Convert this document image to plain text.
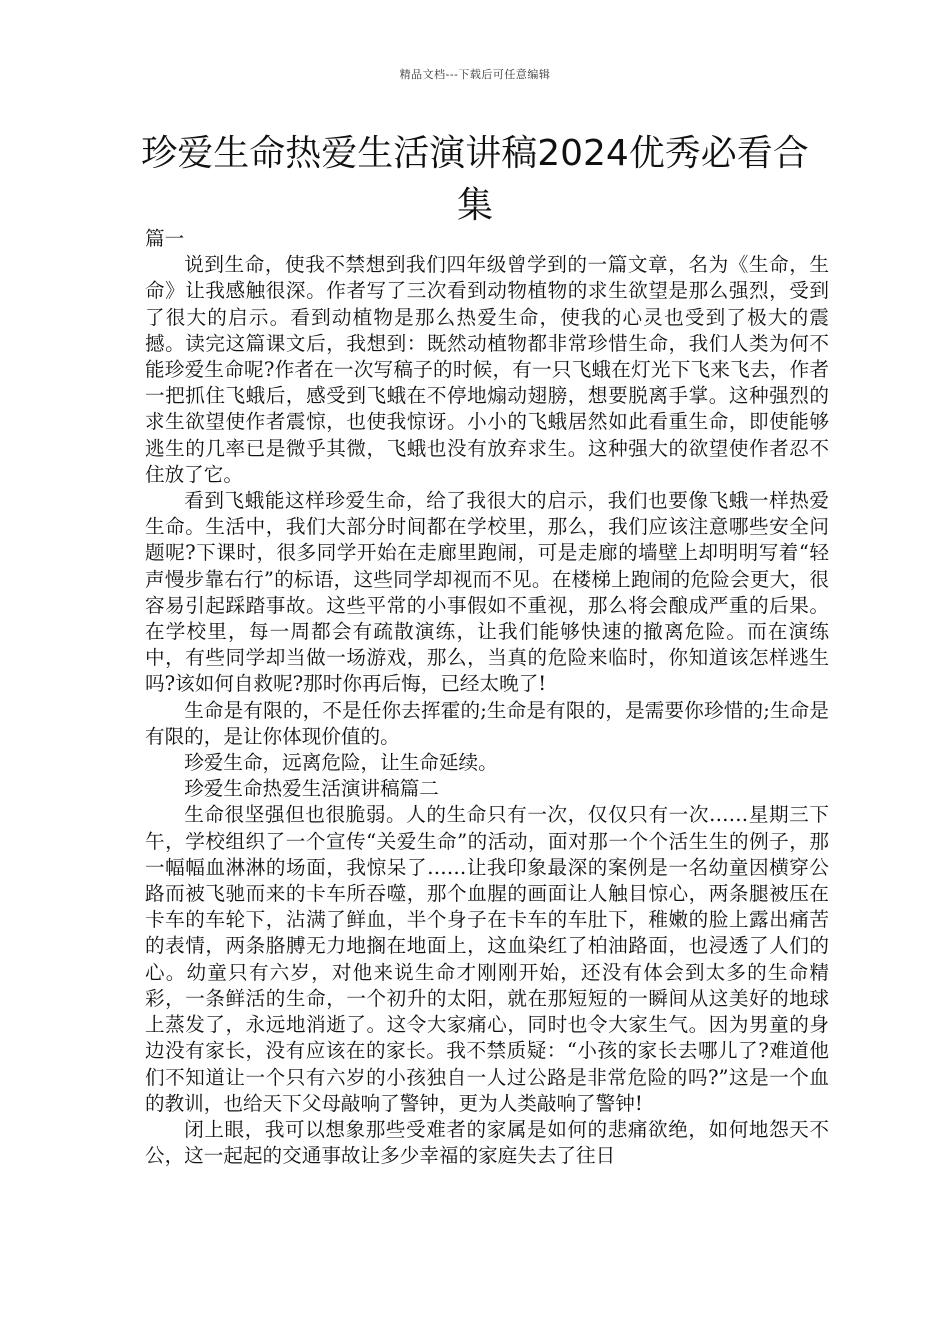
精品文档---下载后可任意编辑
珍爱生命热爱生活演讲稿2024优秀必看合集

篇一

说到生命，使我不禁想到我们四年级曾学到的一篇文章，名为《生命，生命》让我感触很深。作者写了三次看到动物植物的求生欲望是那么强烈，受到了很大的启示。看到动植物是那么热爱生命，使我的心灵也受到了极大的震撼。读完这篇课文后，我想到：既然动植物都非常珍惜生命，我们人类为何不能珍爱生命呢?作者在一次写稿子的时候，有一只飞蛾在灯光下飞来飞去，作者一把抓住飞蛾后，感受到飞蛾在不停地煽动翅膀，想要脱离手掌。这种强烈的求生欲望使作者震惊，也使我惊讶。小小的飞蛾居然如此看重生命，即使能够逃生的几率已是微乎其微，飞蛾也没有放弃求生。这种强大的欲望使作者忍不住放了它。

看到飞蛾能这样珍爱生命，给了我很大的启示，我们也要像飞蛾一样热爱生命。生活中，我们大部分时间都在学校里，那么，我们应该注意哪些安全问题呢?下课时，很多同学开始在走廊里跑闹，可是走廊的墙壁上却明明写着“轻声慢步靠右行”的标语，这些同学却视而不见。在楼梯上跑闹的危险会更大，很容易引起踩踏事故。这些平常的小事假如不重视，那么将会酿成严重的后果。在学校里，每一周都会有疏散演练，让我们能够快速的撤离危险。而在演练中，有些同学却当做一场游戏，那么，当真的危险来临时，你知道该怎样逃生吗?该如何自救呢?那时你再后悔，已经太晚了!

生命是有限的，不是任你去挥霍的;生命是有限的，是需要你珍惜的;生命是有限的，是让你体现价值的。

珍爱生命，远离危险，让生命延续。

珍爱生命热爱生活演讲稿篇二

生命很坚强但也很脆弱。人的生命只有一次，仅仅只有一次……星期三下午，学校组织了一个宣传“关爱生命”的活动，面对那一个个活生生的例子，那一幅幅血淋淋的场面，我惊呆了……让我印象最深的案例是一名幼童因横穿公路而被飞驰而来的卡车所吞噬，那个血腥的画面让人触目惊心，两条腿被压在卡车的车轮下，沾满了鲜血，半个身子在卡车的车肚下，稚嫩的脸上露出痛苦的表情，两条胳膊无力地搁在地面上，这血染红了柏油路面，也浸透了人们的心。幼童只有六岁，对他来说生命才刚刚开始，还没有体会到太多的生命精彩，一条鲜活的生命，一个初升的太阳，就在那短短的一瞬间从这美好的地球上蒸发了，永远地消逝了。这令大家痛心，同时也令大家生气。因为男童的身边没有家长，没有应该在的家长。我不禁质疑：“小孩的家长去哪儿了?难道他们不知道让一个只有六岁的小孩独自一人过公路是非常危险的吗?”这是一个血的教训，也给天下父母敲响了警钟，更为人类敲响了警钟!

闭上眼，我可以想象那些受难者的家属是如何的悲痛欲绝，如何地怨天不公，这一起起的交通事故让多少幸福的家庭失去了往日
